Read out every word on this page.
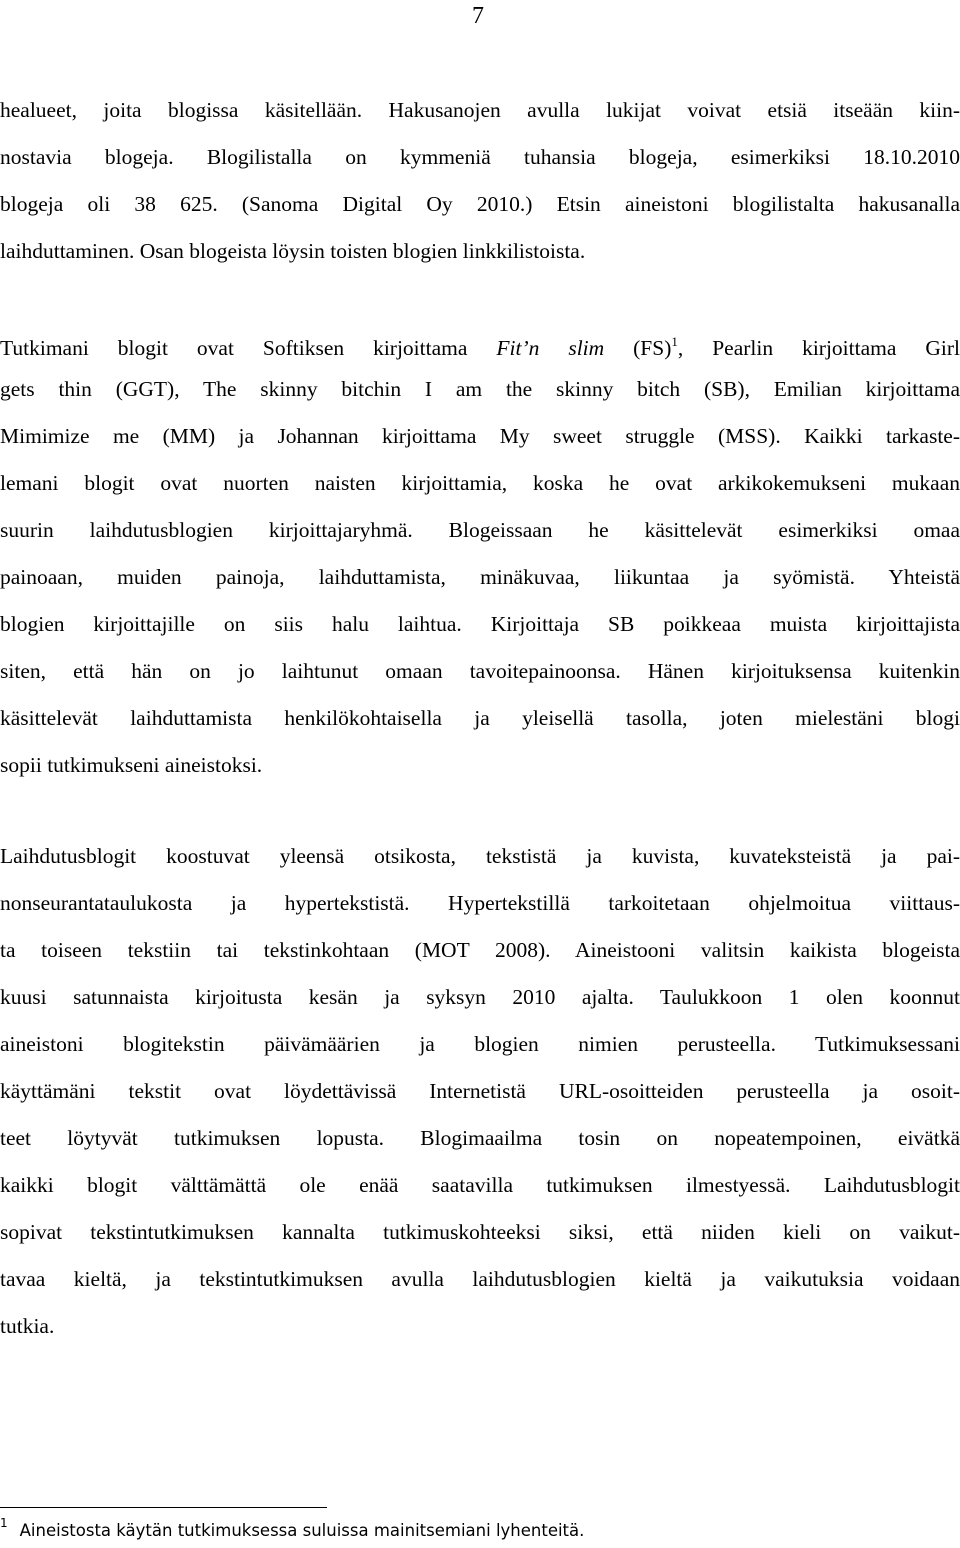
7
healueet, joita blogissa käsitellään. Hakusanojen avulla lukijat voivat etsiä itseään kiin-
nostavia blogeja. Blogilistalla on kymmeniä tuhansia blogeja, esimerkiksi 18.10.2010
blogeja oli 38 625. (Sanoma Digital Oy 2010.) Etsin aineistoni blogilistalta hakusanalla
laihduttaminen. Osan blogeista löysin toisten blogien linkkilistoista.
Tutkimani blogit ovat Softiksen kirjoittama Fit’n slim (FS)$^1$, Pearlin kirjoittama Girl
gets thin (GGT), The skinny bitchin I am the skinny bitch (SB), Emilian kirjoittama
Mimimize me (MM) ja Johannan kirjoittama My sweet struggle (MSS). Kaikki tarkaste-
lemani blogit ovat nuorten naisten kirjoittamia, koska he ovat arkikokemukseni mukaan
suurin laihdutusblogien kirjoittajaryhmä. Blogeissaan he käsittelevät esimerkiksi omaa
painoaan, muiden painoja, laihduttamista, minäkuvaa, liikuntaa ja syömistä. Yhteistä
blogien kirjoittajille on siis halu laihtua. Kirjoittaja SB poikkeaa muista kirjoittajista
siten, että hän on jo laihtunut omaan tavoitepainoonsa. Hänen kirjoituksensa kuitenkin
käsittelevät laihduttamista henkilökohtaisella ja yleisellä tasolla, joten mielestäni blogi
sopii tutkimukseni aineistoksi.
Laihdutusblogit koostuvat yleensä otsikosta, tekstistä ja kuvista, kuvateksteistä ja pai-
nonseurantataulukosta ja hypertekstistä. Hypertekstillä tarkoitetaan ohjelmoitua viittaus-
ta toiseen tekstiin tai tekstinkohtaan (MOT 2008). Aineistooni valitsin kaikista blogeista
kuusi satunnaista kirjoitusta kesän ja syksyn 2010 ajalta. Taulukkoon 1 olen koonnut
aineistoni blogitekstin päivämäärien ja blogien nimien perusteella. Tutkimuksessani
käyttämäni tekstit ovat löydettävissä Internetistä URL-osoitteiden perusteella ja osoit-
teet löytyvät tutkimuksen lopusta. Blogimaailma tosin on nopeatempoinen, eivätkä
kaikki blogit välttämättä ole enää saatavilla tutkimuksen ilmestyessä. Laihdutusblogit
sopivat tekstintutkimuksen kannalta tutkimuskohteeksi siksi, että niiden kieli on vaikut-
tavaa kieltä, ja tekstintutkimuksen avulla laihdutusblogien kieltä ja vaikutuksia voidaan
tutkia.
$^1$ Aineistosta käytän tutkimuksessa suluissa mainitsemiani lyhenteitä.
